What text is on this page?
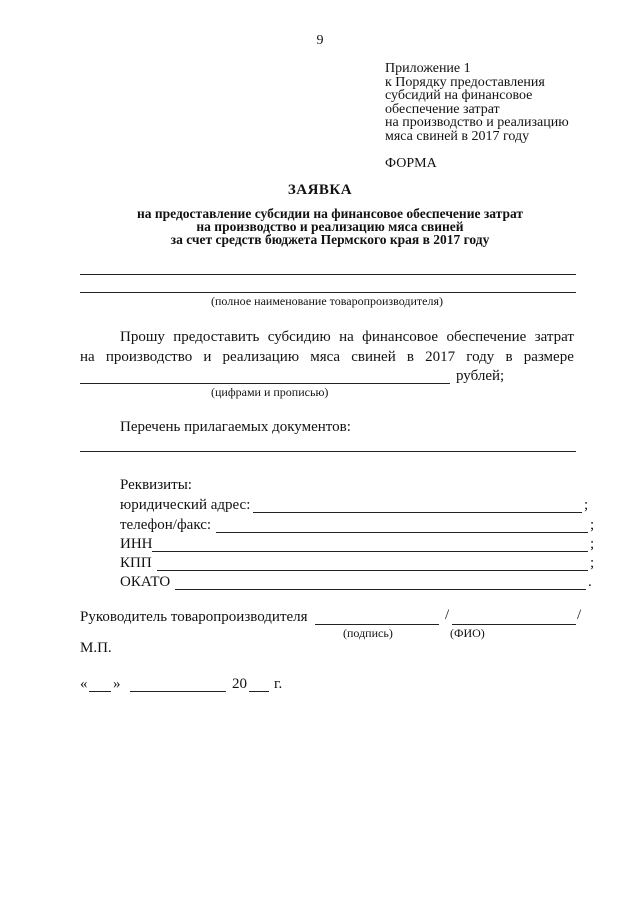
9
Приложение 1
к Порядку предоставления
субсидий на финансовое
обеспечение затрат
на производство и реализацию
мяса свиней в 2017 году
ФОРМА
ЗАЯВКА
на предоставление субсидии на финансовое обеспечение затрат
на производство и реализацию мяса свиней
за счет средств бюджета Пермского края в 2017 году
(полное наименование товаропроизводителя)
Прошу предоставить субсидию на финансовое обеспечение затрат
на производство и реализацию мяса свиней в 2017 году в размере
рублей;
(цифрами и прописью)
Перечень прилагаемых документов:
Реквизиты:
юридический адрес:	;
телефон/факс:	;
ИНН	;
КПП	;
ОКАТО	.
Руководитель товаропроизводителя	/	/
(подпись)	(ФИО)
М.П.
« »	20 г.
